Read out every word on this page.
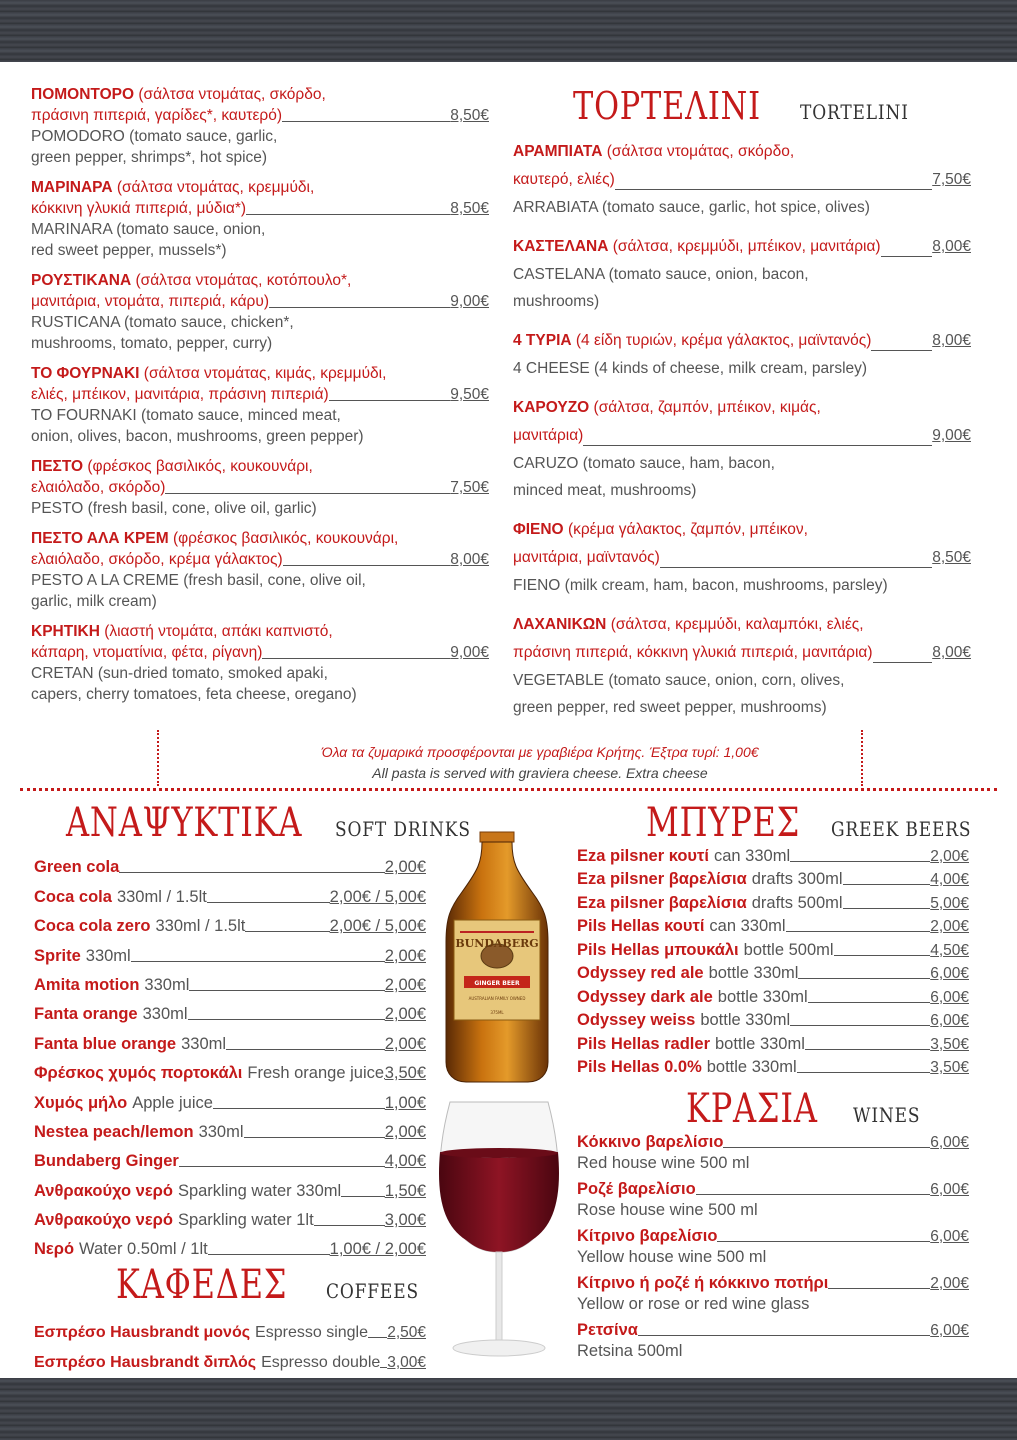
ΠΟΜΟΝΤΟΡΟ (σάλτσα ντομάτας, σκόρδο,
πράσινη πιπεριά, γαρίδες*, καυτερό)	8,50€
POMODORO (tomato sauce, garlic,
green pepper, shrimps*, hot spice)
ΜΑΡΙΝΑΡΑ (σάλτσα ντομάτας, κρεμμύδι,
κόκκινη γλυκιά πιπεριά, μύδια*)	8,50€
MARINARA (tomato sauce, onion,
red sweet pepper, mussels*)
ΡΟΥΣΤΙΚΑΝΑ (σάλτσα ντομάτας, κοτόπουλο*,
μανιτάρια, ντομάτα, πιπεριά, κάρυ)	9,00€
RUSTICANA (tomato sauce, chicken*,
mushrooms, tomato, pepper, curry)
ΤΟ ΦΟΥΡΝΑΚΙ (σάλτσα ντομάτας, κιμάς, κρεμμύδι,
ελιές, μπέικον, μανιτάρια, πράσινη πιπεριά)	9,50€
TO FOURNAKI (tomato sauce, minced meat,
onion, olives, bacon, mushrooms, green pepper)
ΠΕΣΤΟ (φρέσκος βασιλικός, κουκουνάρι,
ελαιόλαδο, σκόρδο)	7,50€
PESTO (fresh basil, cone, olive oil, garlic)
ΠΕΣΤΟ ΑΛΑ ΚΡΕΜ (φρέσκος βασιλικός, κουκουνάρι,
ελαιόλαδο, σκόρδο, κρέμα γάλακτος)	8,00€
PESTO A LA CREME (fresh basil, cone, olive oil,
garlic, milk cream)
ΚΡΗΤΙΚΗ (λιαστή ντομάτα, απάκι καπνιστό,
κάπαρη, ντοματίνια, φέτα, ρίγανη)	9,00€
CRETAN (sun-dried tomato, smoked apaki,
capers, cherry tomatoes, feta cheese, oregano)
ΤΟΡΤΕΛΙΝΙ TORTELINI
ΑΡΑΜΠΙΑΤΑ (σάλτσα ντομάτας, σκόρδο,
καυτερό, ελιές)	7,50€
ARRABIATA (tomato sauce, garlic, hot spice, olives)
ΚΑΣΤΕΛΑΝΑ (σάλτσα, κρεμμύδι, μπέικον, μανιτάρια)	8,00€
CASTELANA (tomato sauce, onion, bacon,
mushrooms)
4 ΤΥΡΙΑ (4 είδη τυριών, κρέμα γάλακτος, μαϊντανός)	8,00€
4 CHEESE (4 kinds of cheese, milk cream, parsley)
ΚΑΡΟΥΖΟ (σάλτσα, ζαμπόν, μπέικον, κιμάς,
μανιτάρια)	9,00€
CARUZO (tomato sauce, ham, bacon,
minced meat, mushrooms)
ΦΙΕΝΟ (κρέμα γάλακτος, ζαμπόν, μπέικον,
μανιτάρια, μαϊντανός)	8,50€
FIENO (milk cream, ham, bacon, mushrooms, parsley)
ΛΑΧΑΝΙΚΩΝ (σάλτσα, κρεμμύδι, καλαμπόκι, ελιές,
πράσινη πιπεριά, κόκκινη γλυκιά πιπεριά, μανιτάρια)	8,00€
VEGETABLE (tomato sauce, onion, corn, olives,
green pepper, red sweet pepper, mushrooms)
Όλα τα ζυμαρικά προσφέρονται με γραβιέρα Κρήτης. Έξτρα τυρί: 1,00€
All pasta is served with graviera cheese. Extra cheese
ΑΝΑΨΥΚΤΙΚΑ SOFT DRINKS
Green cola	2,00€
Coca cola 330ml / 1.5lt	2,00€ / 5,00€
Coca cola zero 330ml / 1.5lt	2,00€ / 5,00€
Sprite 330ml	2,00€
Amita motion 330ml	2,00€
Fanta orange 330ml	2,00€
Fanta blue orange 330ml	2,00€
Φρέσκος χυμός πορτοκάλι Fresh orange juice 3,50€
Χυμός μήλο Apple juice	1,00€
Nestea peach/lemon 330ml	2,00€
Bundaberg Ginger	4,00€
Ανθρακούχο νερό Sparkling water 330ml	1,50€
Ανθρακούχο νερό Sparkling water 1lt	3,00€
Νερό Water 0.50ml / 1lt	1,00€ / 2,00€
ΚΑΦΕΔΕΣ COFFEES
Εσπρέσο Hausbrandt μονός Espresso single 2,50€
Εσπρέσο Hausbrandt διπλός Espresso double 3,00€
BUNDABERG
GINGER BEER
AUSTRALIAN FAMILY OWNED
375ML
ΜΠΥΡΕΣ GREEK BEERS
Eza pilsner κουτί can 330ml	2,00€
Eza pilsner βαρελίσια drafts 300ml	4,00€
Eza pilsner βαρελίσια drafts 500ml	5,00€
Pils Hellas κουτί can 330ml	2,00€
Pils Hellas μπουκάλι bottle 500ml	4,50€
Odyssey red ale bottle 330ml	6,00€
Odyssey dark ale bottle 330ml	6,00€
Odyssey weiss bottle 330ml	6,00€
Pils Hellas radler bottle 330ml	3,50€
Pils Hellas 0.0% bottle 330ml	3,50€
ΚΡΑΣΙΑ WINES
Κόκκινο βαρελίσιο	6,00€
Red house wine 500 ml
Ροζέ βαρελίσιο	6,00€
Rose house wine 500 ml
Κίτρινο βαρελίσιο	6,00€
Yellow house wine 500 ml
Κίτρινο ή ροζέ ή κόκκινο ποτήρι	2,00€
Yellow or rose or red wine glass
Ρετσίνα	6,00€
Retsina 500ml
